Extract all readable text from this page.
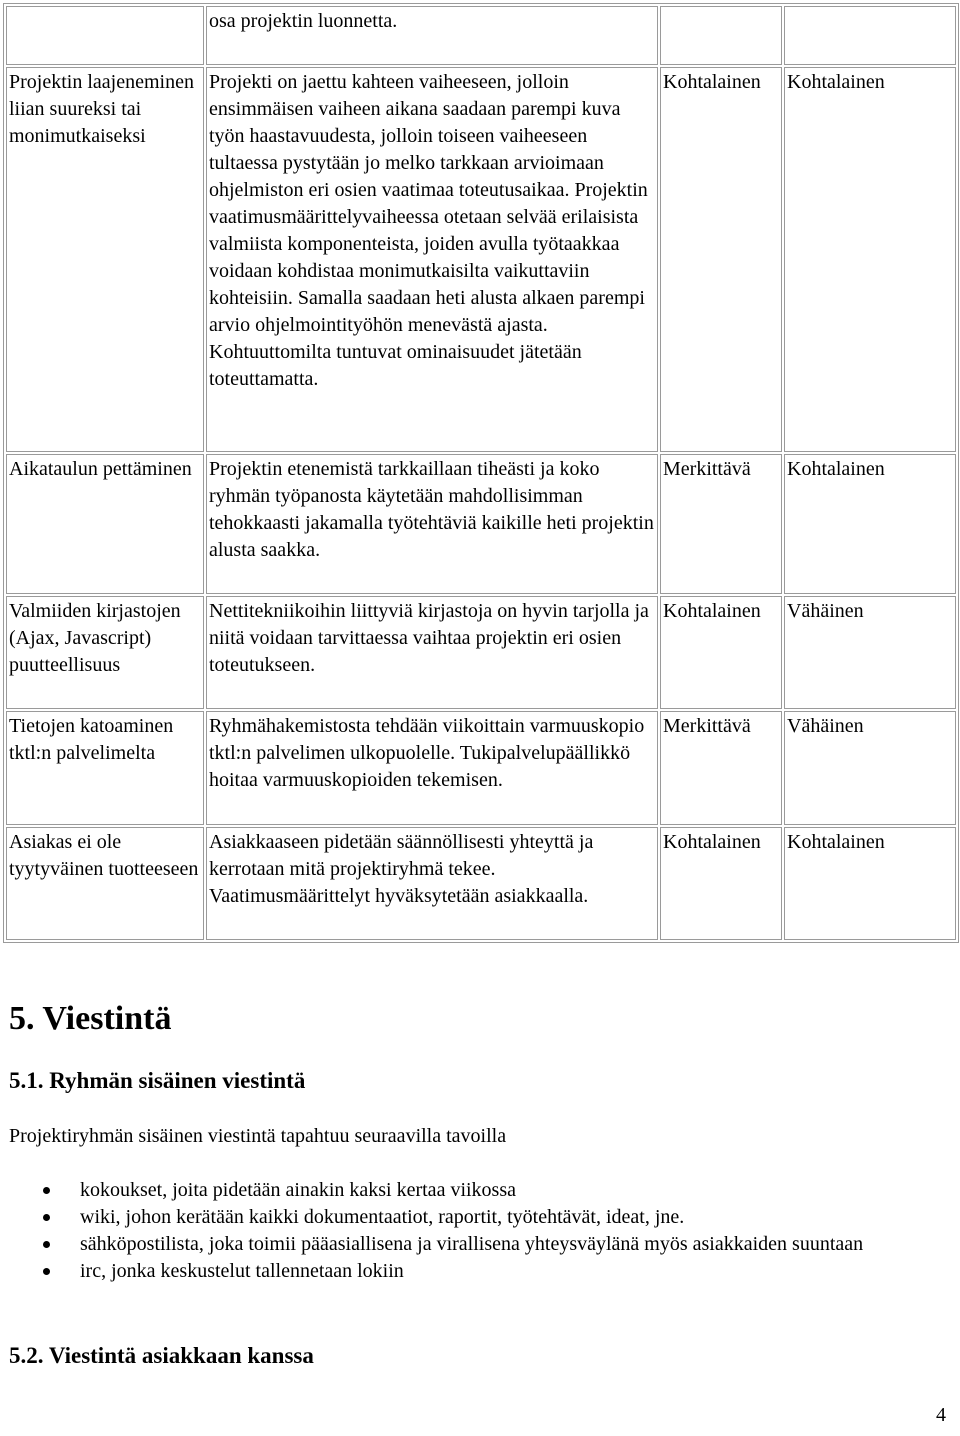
	osa projektin luonnetta.		
Projektin laajeneminen liian suureksi tai monimutkaiseksi	Projekti on jaettu kahteen vaiheeseen, jolloin ensimmäisen vaiheen aikana saadaan parempi kuva työn haastavuudesta, jolloin toiseen vaiheeseen tultaessa pystytään jo melko tarkkaan arvioimaan ohjelmiston eri osien vaatimaa toteutusaikaa. Projektin vaatimusmäärittelyvaiheessa otetaan selvää erilaisista valmiista komponenteista, joiden avulla työtaakkaa voidaan kohdistaa monimutkaisilta vaikuttaviin kohteisiin. Samalla saadaan heti alusta alkaen parempi arvio ohjelmointityöhön menevästä ajasta. Kohtuuttomilta tuntuvat ominaisuudet jätetään toteuttamatta.	Kohtalainen	Kohtalainen
Aikataulun pettäminen	Projektin etenemistä tarkkaillaan tiheästi ja koko ryhmän työpanosta käytetään mahdollisimman tehokkaasti jakamalla työtehtäviä kaikille heti projektin alusta saakka.	Merkittävä	Kohtalainen
Valmiiden kirjastojen (Ajax, Javascript) puutteellisuus	Nettitekniikoihin liittyviä kirjastoja on hyvin tarjolla ja niitä voidaan tarvittaessa vaihtaa projektin eri osien toteutukseen.	Kohtalainen	Vähäinen
Tietojen katoaminen tktl:n palvelimelta	Ryhmähakemistosta tehdään viikoittain varmuuskopio tktl:n palvelimen ulkopuolelle. Tukipalvelupäällikkö hoitaa varmuuskopioiden tekemisen.	Merkittävä	Vähäinen
Asiakas ei ole tyytyväinen tuotteeseen	Asiakkaaseen pidetään säännöllisesti yhteyttä ja kerrotaan mitä projektiryhmä tekee. Vaatimusmäärittelyt hyväksytetään asiakkaalla.	Kohtalainen	Kohtalainen
5. Viestintä
5.1. Ryhmän sisäinen viestintä

Projektiryhmän sisäinen viestintä tapahtuu seuraavilla tavoilla

kokoukset, joita pidetään ainakin kaksi kertaa viikossa
wiki, johon kerätään kaikki dokumentaatiot, raportit, työtehtävät, ideat, jne.
sähköpostilista, joka toimii pääasiallisena ja virallisena yhteysväylänä myös asiakkaiden suuntaan
irc, jonka keskustelut tallennetaan lokiin
5.2. Viestintä asiakkaan kanssa
4
